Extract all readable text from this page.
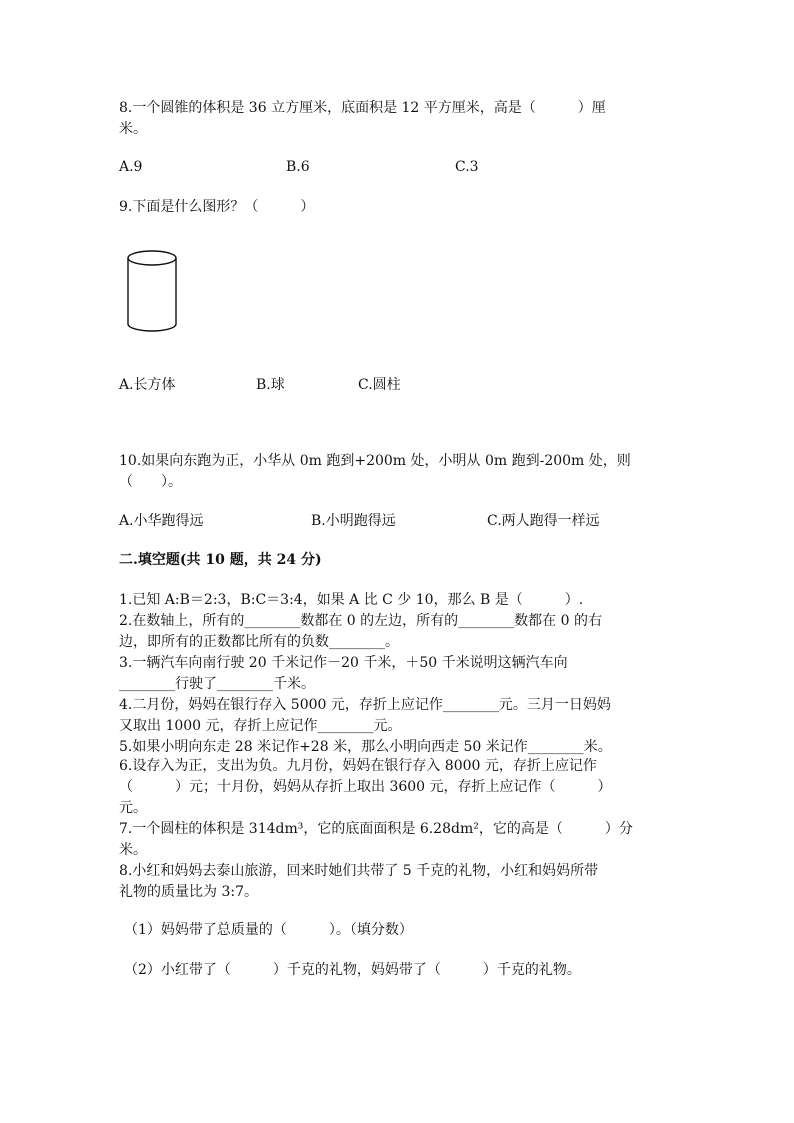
8.一个圆锥的体积是 36 立方厘米，底面积是 12 平方厘米，高是（　　　）厘
米。
A.9	B.6	C.3
9.下面是什么图形？（　　　）
A.长方体	B.球	C.圆柱
10.如果向东跑为正，小华从 0m 跑到+200m 处，小明从 0m 跑到-200m 处，则
（　　）。
A.小华跑得远	B.小明跑得远	C.两人跑得一样远
二.填空题(共 10 题，共 24 分)
1.已知 A:B＝2:3，B:C＝3:4，如果 A 比 C 少 10，那么 B 是（　　　）.
2.在数轴上，所有的________数都在 0 的左边，所有的________数都在 0 的右
边，即所有的正数都比所有的负数________。
3.一辆汽车向南行驶 20 千米记作－20 千米，＋50 千米说明这辆汽车向
________行驶了________千米。
4.二月份，妈妈在银行存入 5000 元，存折上应记作________元。三月一日妈妈
又取出 1000 元，存折上应记作________元。
5.如果小明向东走 28 米记作+28 米，那么小明向西走 50 米记作________米。
6.设存入为正，支出为负。九月份，妈妈在银行存入 8000 元，存折上应记作
（　　　）元；十月份，妈妈从存折上取出 3600 元，存折上应记作（　　　）
元。
7.一个圆柱的体积是 314dm³，它的底面面积是 6.28dm²，它的高是（　　　）分
米。
8.小红和妈妈去泰山旅游，回来时她们共带了 5 千克的礼物，小红和妈妈所带
礼物的质量比为 3:7。
（1）妈妈带了总质量的（　　　）。（填分数）
（2）小红带了（　　　）千克的礼物，妈妈带了（　　　）千克的礼物。
